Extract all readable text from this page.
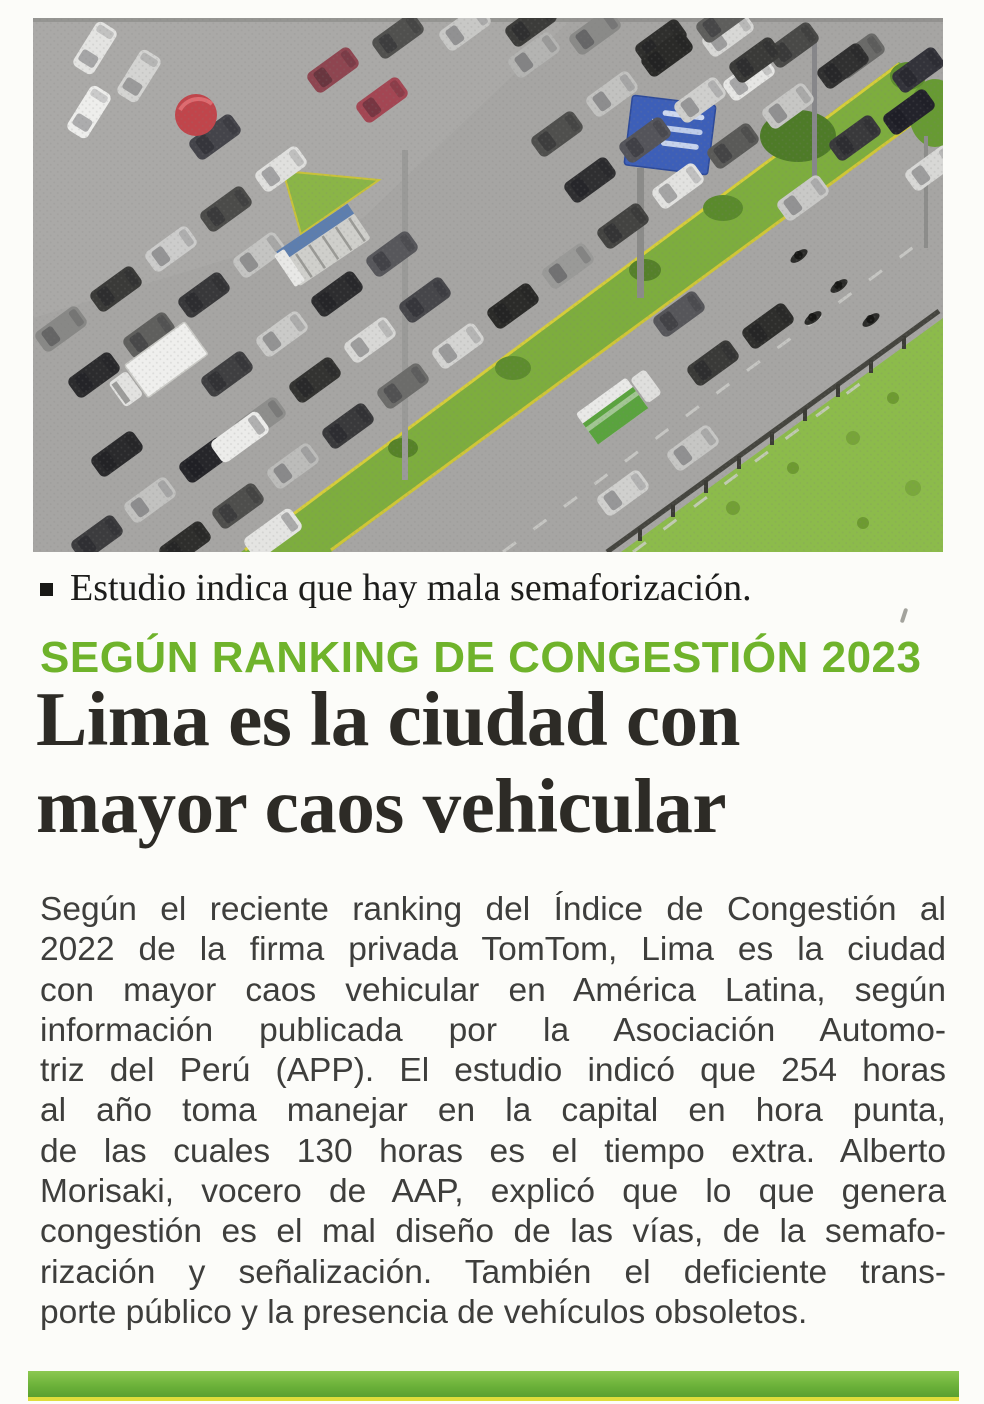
Estudio indica que hay mala semaforización.
SEGÚN RANKING DE CONGESTIÓN 2023
Lima es la ciudad con
mayor caos vehicular
Según el reciente ranking del Índice de Congestión al
2022 de la firma privada TomTom, Lima es la ciudad
con mayor caos vehicular en América Latina, según
información publicada por la Asociación Automo-
triz del Perú (APP). El estudio indicó que 254 horas
al año toma manejar en la capital en hora punta,
de las cuales 130 horas es el tiempo extra. Alberto
Morisaki, vocero de AAP, explicó que lo que genera
congestión es el mal diseño de las vías, de la semafo-
rización y señalización. También el deficiente trans-
porte público y la presencia de vehículos obsoletos.
